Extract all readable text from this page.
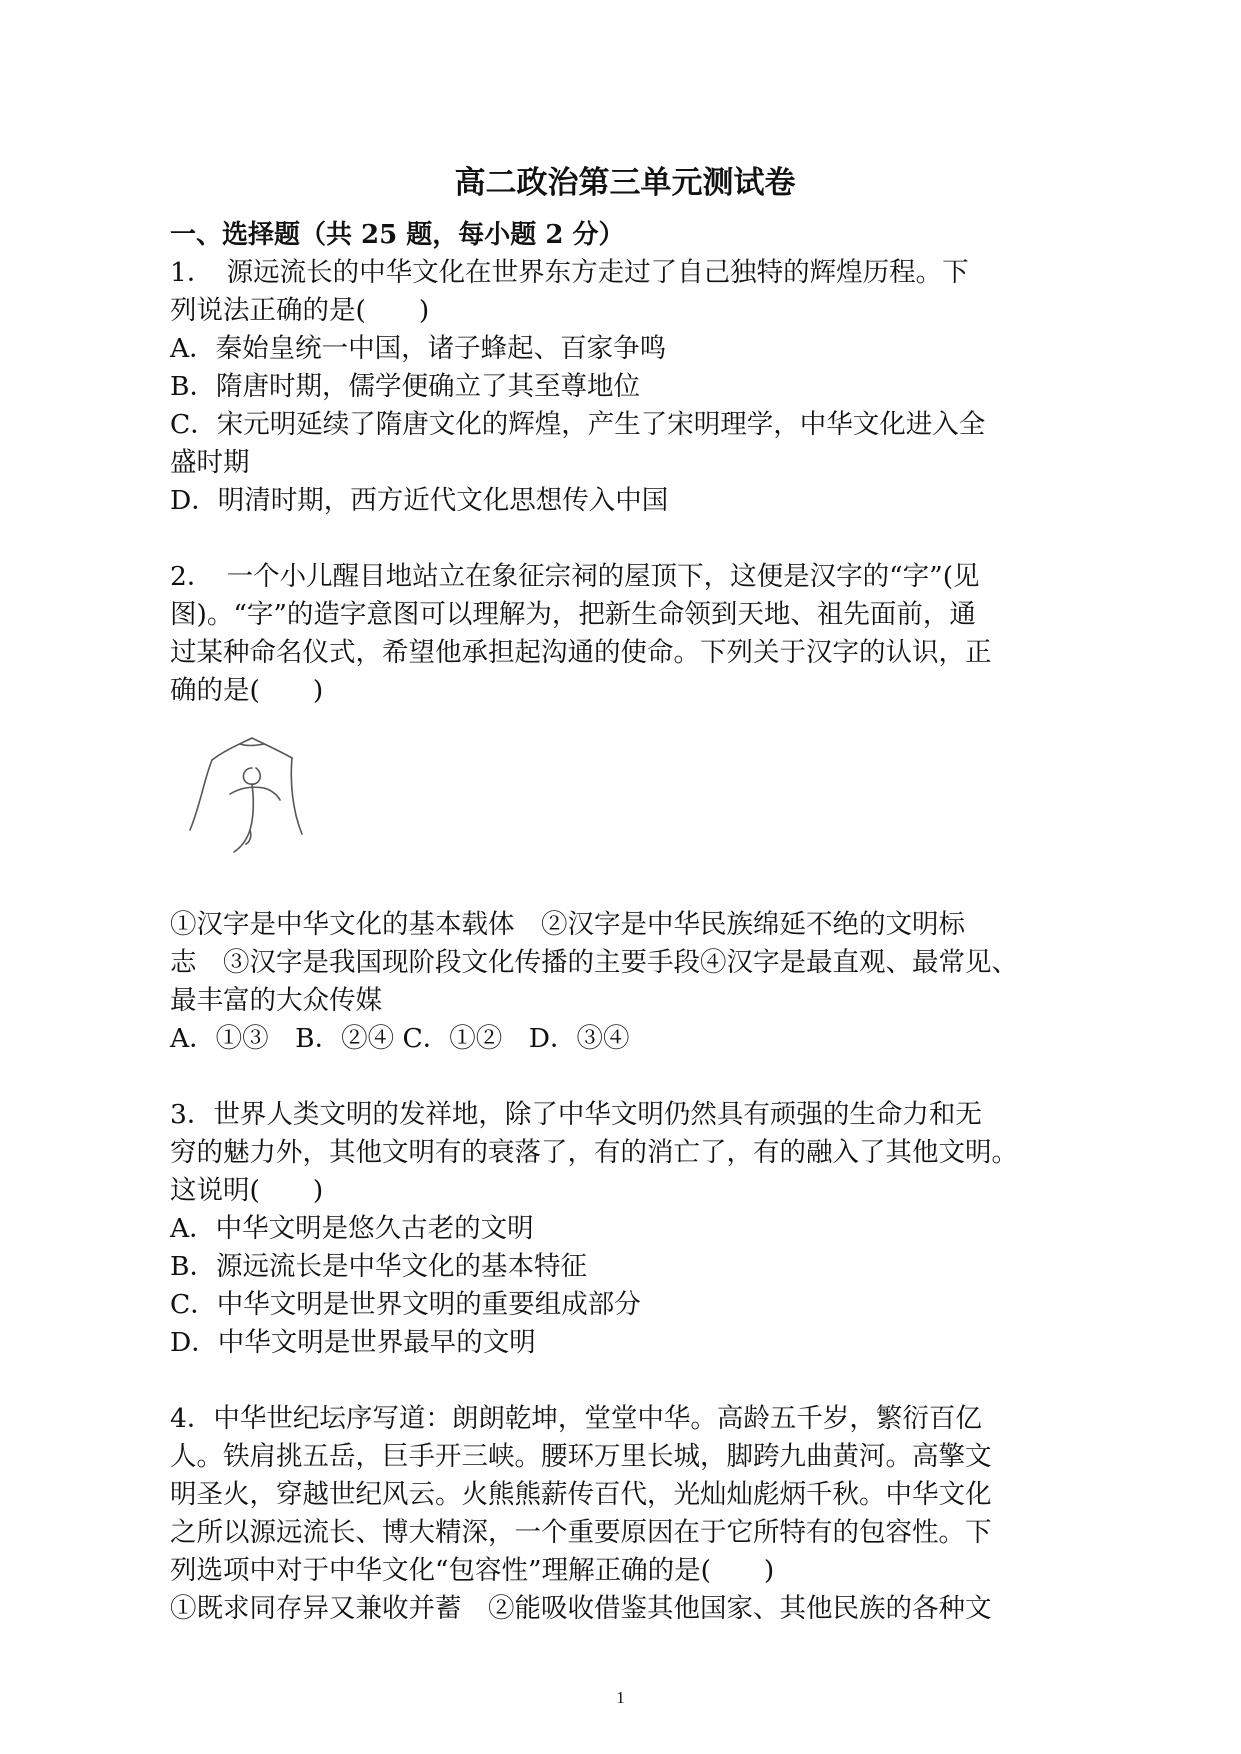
高二政治第三单元测试卷

一、选择题（共 25 题，每小题 2 分）

1．　源远流长的中华文化在世界东方走过了自己独特的辉煌历程。下

列说法正确的是(　　)

A．秦始皇统一中国，诸子蜂起、百家争鸣

B．隋唐时期，儒学便确立了其至尊地位

C．宋元明延续了隋唐文化的辉煌，产生了宋明理学，中华文化进入全

盛时期

D．明清时期，西方近代文化思想传入中国

2．　一个小儿醒目地站立在象征宗祠的屋顶下，这便是汉字的“字”(见

图)。“字”的造字意图可以理解为，把新生命领到天地、祖先面前，通

过某种命名仪式，希望他承担起沟通的使命。下列关于汉字的认识，正

确的是(　　)

①汉字是中华文化的基本载体　②汉字是中华民族绵延不绝的文明标

志　③汉字是我国现阶段文化传播的主要手段④汉字是最直观、最常见、

最丰富的大众传媒

A．①③　B．②④ C．①②　D．③④

3．世界人类文明的发祥地，除了中华文明仍然具有顽强的生命力和无

穷的魅力外，其他文明有的衰落了，有的消亡了，有的融入了其他文明。

这说明(　　)

A．中华文明是悠久古老的文明

B．源远流长是中华文化的基本特征

C．中华文明是世界文明的重要组成部分

D．中华文明是世界最早的文明

4．中华世纪坛序写道：朗朗乾坤，堂堂中华。高龄五千岁，繁衍百亿

人。铁肩挑五岳，巨手开三峡。腰环万里长城，脚跨九曲黄河。高擎文

明圣火，穿越世纪风云。火熊熊薪传百代，光灿灿彪炳千秋。中华文化

之所以源远流长、博大精深，一个重要原因在于它所特有的包容性。下

列选项中对于中华文化“包容性”理解正确的是(　　)

①既求同存异又兼收并蓄　②能吸收借鉴其他国家、其他民族的各种文

1
